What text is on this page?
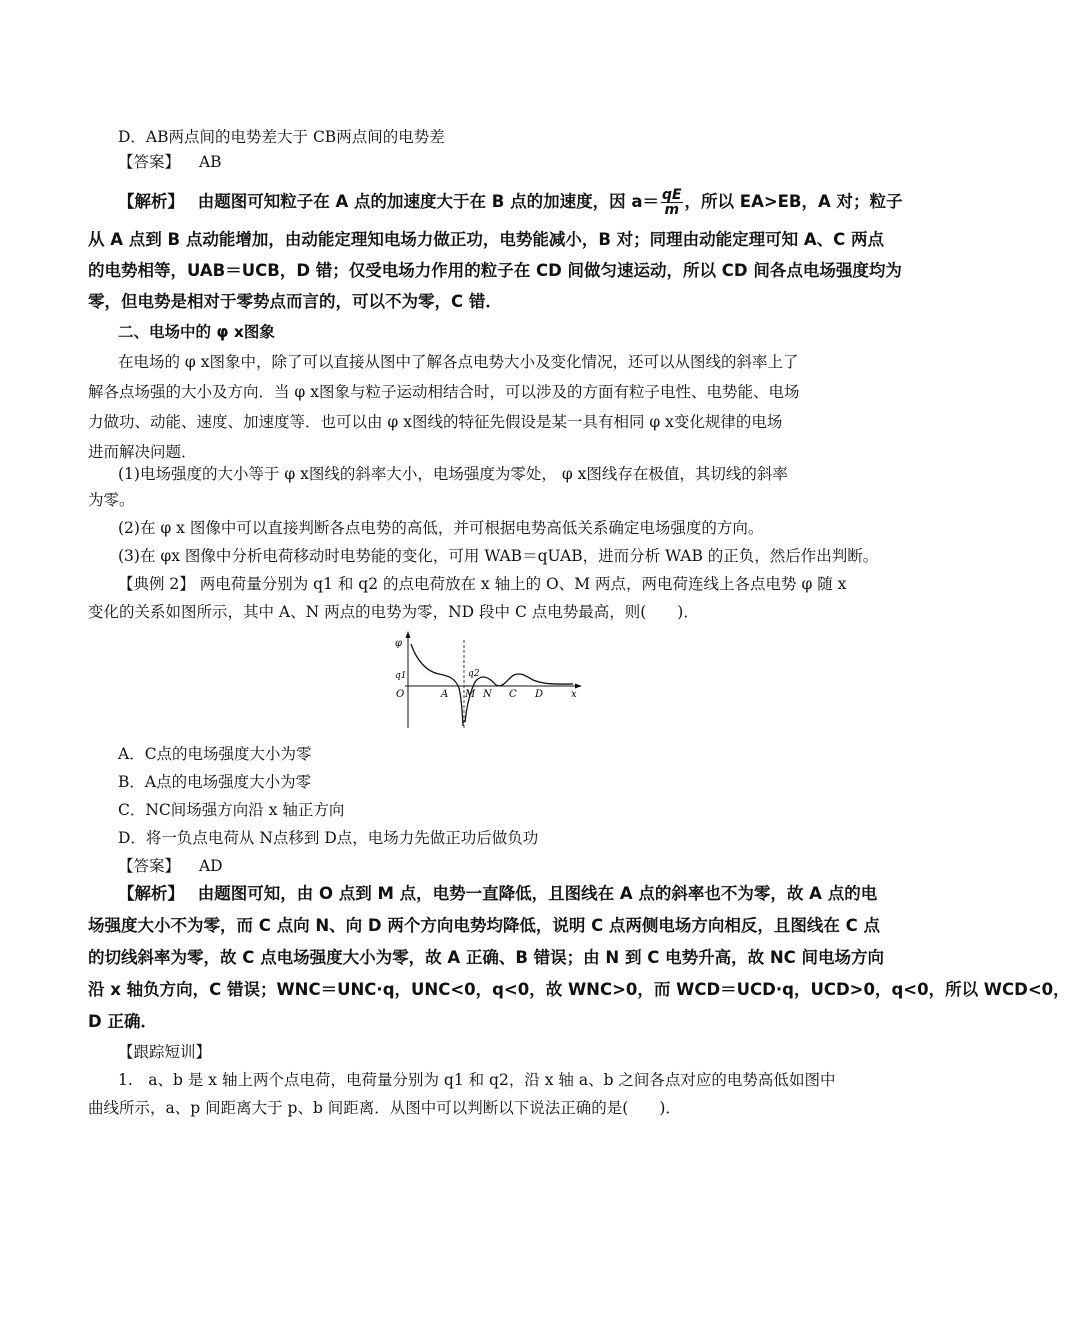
D．AB两点间的电势差大于 CB两点间的电势差
【答案】 AB
【解析】 由题图可知粒子在 A 点的加速度大于在 B 点的加速度，因 $a= \frac{qE}{m}$ ，所以 EA>EB，A 对；粒子
从 A 点到 B 点动能增加，由动能定理知电场力做正功，电势能减小，B 对；同理由动能定理可知 A、C 两点
的电势相等，UAB＝UCB，D 错；仅受电场力作用的粒子在 CD 间做匀速运动，所以 CD 间各点电场强度均为
零，但电势是相对于零势点而言的，可以不为零，C 错．
二、电场中的 φ x图象
在电场的 φ x图象中，除了可以直接从图中了解各点电势大小及变化情况，还可以从图线的斜率上了
解各点场强的大小及方向．当 φ x图象与粒子运动相结合时，可以涉及的方面有粒子电性、电势能、电场
力做功、动能、速度、加速度等．也可以由 φ x图线的特征先假设是某一具有相同 φ x变化规律的电场
进而解决问题．
(1)电场强度的大小等于 φ x图线的斜率大小，电场强度为零处， φ x图线存在极值，其切线的斜率
为零。
(2)在 φ x 图像中可以直接判断各点电势的高低，并可根据电势高低关系确定电场强度的方向。
(3)在 φx 图像中分析电荷移动时电势能的变化，可用 WAB＝qUAB，进而分析 WAB 的正负，然后作出判断。
【典例 2】 两电荷量分别为 q1 和 q2 的点电荷放在 x 轴上的 O、M 两点，两电荷连线上各点电势 φ 随 x
变化的关系如图所示，其中 A、N 两点的电势为零，ND 段中 C 点电势最高，则(　　)．
φ
q1	q2
O	A M N C D	x
A．C点的电场强度大小为零
B．A点的电场强度大小为零
C．NC间场强方向沿 x 轴正方向
D．将一负点电荷从 N点移到 D点，电场力先做正功后做负功
【答案】 AD
【解析】 由题图可知，由 O 点到 M 点，电势一直降低，且图线在 A 点的斜率也不为零，故 A 点的电
场强度大小不为零，而 C 点向 N、向 D 两个方向电势均降低，说明 C 点两侧电场方向相反，且图线在 C 点
的切线斜率为零，故 C 点电场强度大小为零，故 A 正确、B 错误；由 N 到 C 电势升高，故 NC 间电场方向
沿 x 轴负方向，C 错误；WNC＝UNC·q，UNC<0，q<0，故 WNC>0，而 WCD＝UCD·q，UCD>0，q<0，所以 WCD<0，
D 正确．
【跟踪短训】
1.　a、b 是 x 轴上两个点电荷，电荷量分别为 q1 和 q2，沿 x 轴 a、b 之间各点对应的电势高低如图中
曲线所示，a、p 间距离大于 p、b 间距离．从图中可以判断以下说法正确的是(　　)．
